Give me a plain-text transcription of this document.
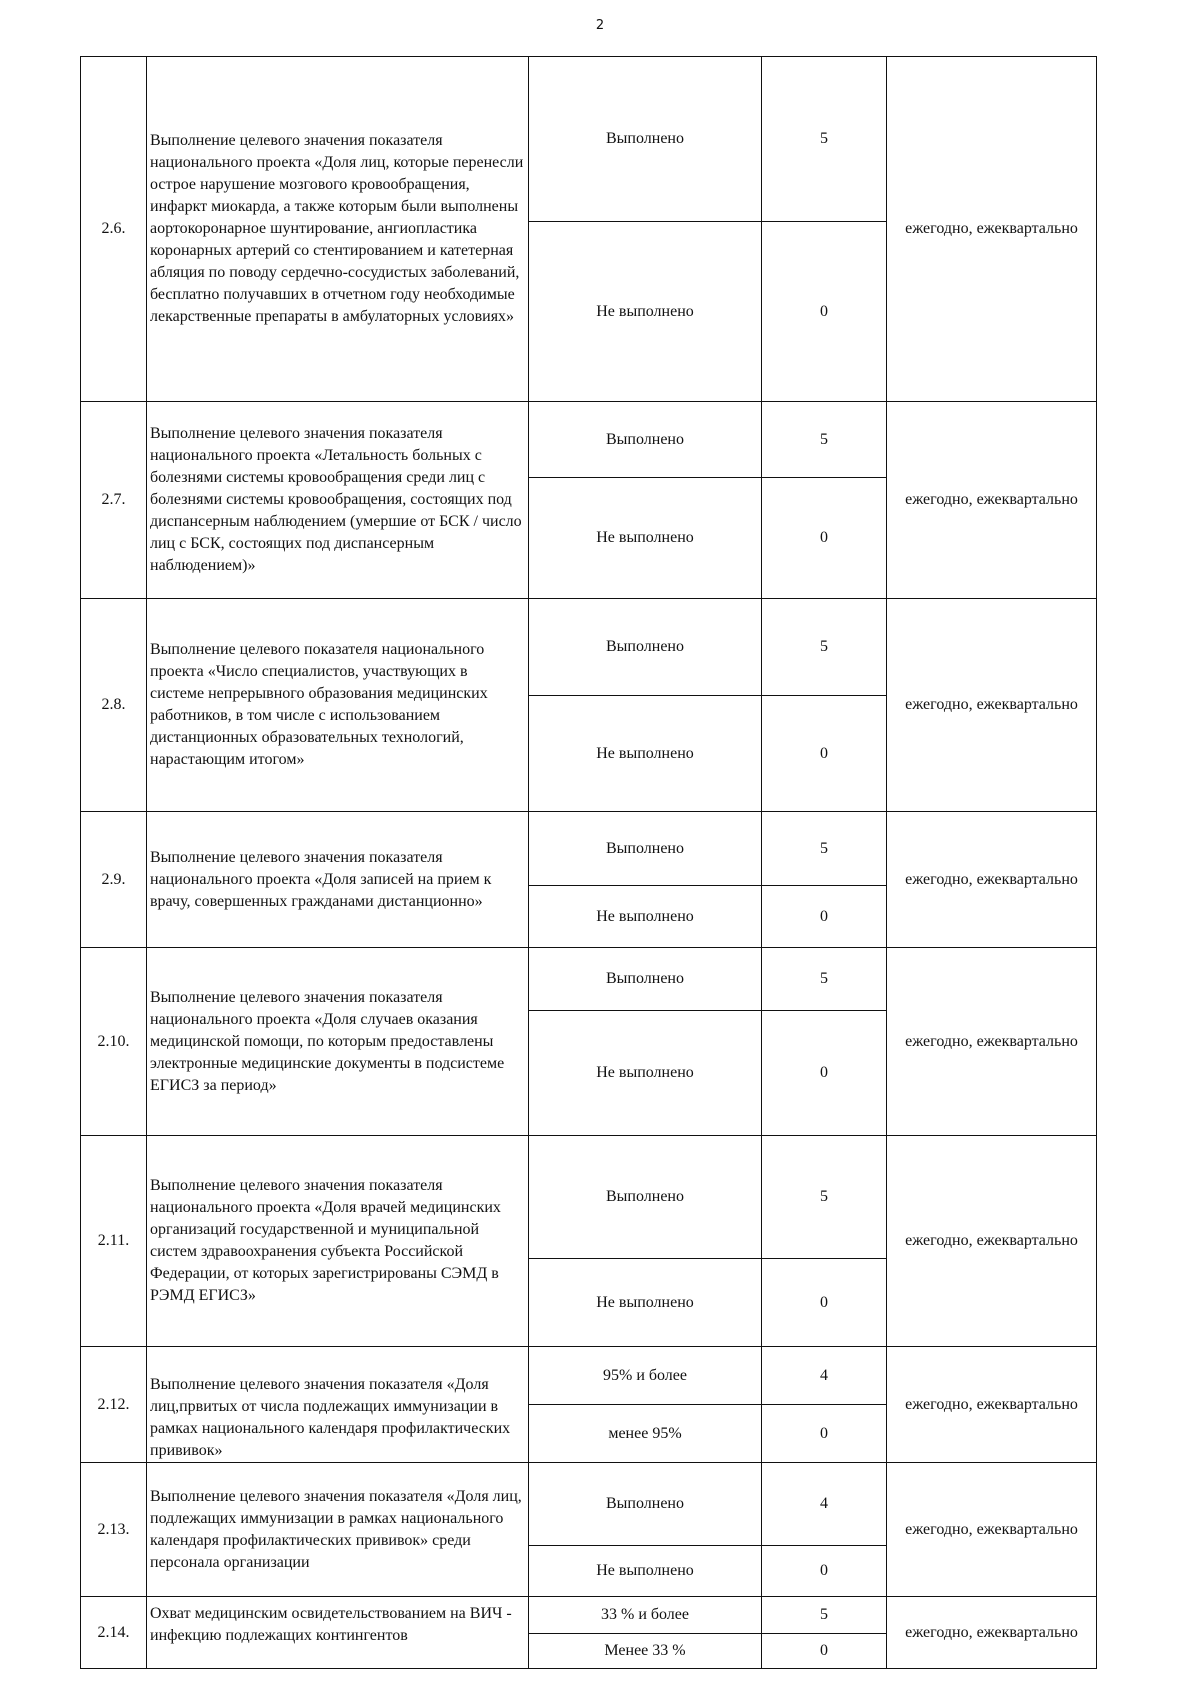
2
2.6.	Выполнение целевого значения показателя национального проекта «Доля лиц, которые перенесли острое нарушение мозгового кровообращения, инфаркт миокарда, а также которым были выполнены аортокоронарное шунтирование, ангиопластика коронарных артерий со стентированием и катетерная абляция по поводу сердечно-сосудистых заболеваний, бесплатно получавших в отчетном году необходимые лекарственные препараты в амбулаторных условиях»	Выполнено	5	ежегодно, ежеквартально
		Не выполнено	0	
2.7.	Выполнение целевого значения показателя национального проекта «Летальность больных с болезнями системы кровообращения среди лиц с болезнями системы кровообращения, состоящих под диспансерным наблюдением (умершие от БСК / число лиц с БСК, состоящих под диспансерным наблюдением)»	Выполнено	5	ежегодно, ежеквартально
		Не выполнено	0	
2.8.	Выполнение целевого показателя национального проекта «Число специалистов, участвующих в системе непрерывного образования медицинских работников, в том числе с использованием дистанционных образовательных технологий, нарастающим итогом»	Выполнено	5	ежегодно, ежеквартально
		Не выполнено	0	
2.9.	Выполнение целевого значения показателя национального проекта «Доля записей на прием к врачу, совершенных гражданами дистанционно»	Выполнено	5	ежегодно, ежеквартально
		Не выполнено	0	
2.10.	Выполнение целевого значения показателя национального проекта «Доля случаев оказания медицинской помощи, по которым предоставлены электронные медицинские документы в подсистеме ЕГИСЗ за период»	Выполнено	5	ежегодно, ежеквартально
		Не выполнено	0	
2.11.	Выполнение целевого значения показателя национального проекта «Доля врачей медицинских организаций государственной и муниципальной систем здравоохранения субъекта Российской Федерации, от которых зарегистрированы СЭМД в РЭМД ЕГИСЗ»	Выполнено	5	ежегодно, ежеквартально
		Не выполнено	0	
2.12.	Выполнение целевого значения показателя «Доля лиц,првитых от числа подлежащих иммунизации в рамках национального календаря профилактических прививок»	95% и более	4	ежегодно, ежеквартально
		менее 95%	0	
2.13.	Выполнение целевого значения показателя «Доля лиц, подлежащих иммунизации в рамках национального календаря профилактических прививок» среди персонала организации	Выполнено	4	ежегодно, ежеквартально
		Не выполнено	0	
2.14.	Охват медицинским освидетельствованием на ВИЧ - инфекцию подлежащих контингентов	33 % и более	5	ежегодно, ежеквартально
		Менее 33 %	0	
